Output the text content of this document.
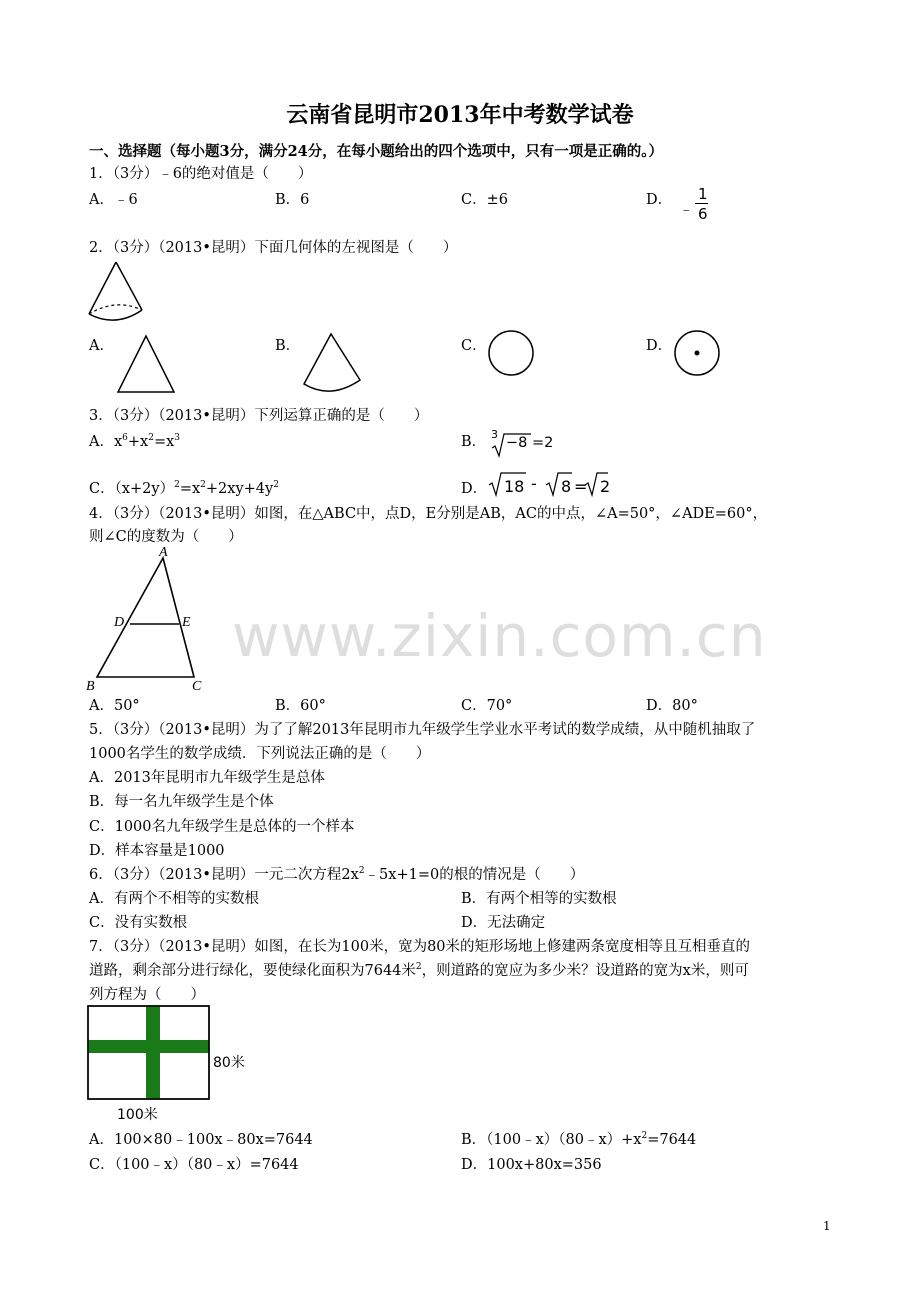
云南省昆明市2013年中考数学试卷
一、选择题（每小题3分，满分24分，在每小题给出的四个选项中，只有一项是正确的。）
1．（3分）﹣6的绝对值是（　　）
A．﹣6	B．6	C．±6	D．
﹣
1
6
2．（3分）（2013•昆明）下面几何体的左视图是（　　）
A．	B．	C．	D．
3．（3分）（2013•昆明）下列运算正确的是（　　）
A．$x^6+x^2=x^3$	B． 3
−8 =2
C．$(x+2y)^2=x^2+2xy+4y^2$	D． 18 - 8 = 2
4．（3分）（2013•昆明）如图，在△ABC中，点D，E分别是AB，AC的中点，∠A=50°，∠ADE=60°，
则∠C的度数为（　　）
A
D	E
B	C
A．50°	B．60°	C．70°	D．80°
www.zixin.com.cn
5．（3分）（2013•昆明）为了了解2013年昆明市九年级学生学业水平考试的数学成绩，从中随机抽取了
1000名学生的数学成绩．下列说法正确的是（　　）
A．2013年昆明市九年级学生是总体
B．每一名九年级学生是个体
C．1000名九年级学生是总体的一个样本
D．样本容量是1000
6．（3分）（2013•昆明）一元二次方程$2x^2﹣5x+1=0$的根的情况是（　　）
A．有两个不相等的实数根	B．有两个相等的实数根
C．没有实数根	D．无法确定
7．（3分）（2013•昆明）如图，在长为100米，宽为80米的矩形场地上修建两条宽度相等且互相垂直的
道路，剩余部分进行绿化，要使绿化面积为7644米$^2$，则道路的宽应为多少米？设道路的宽为x米，则可
列方程为（　　）
80米
100米
A．100×80﹣100x﹣80x=7644	B．$(100﹣x)(80﹣x)+x^2=7644$
C．（100﹣x）（80﹣x）=7644	D．100x+80x=356
1
